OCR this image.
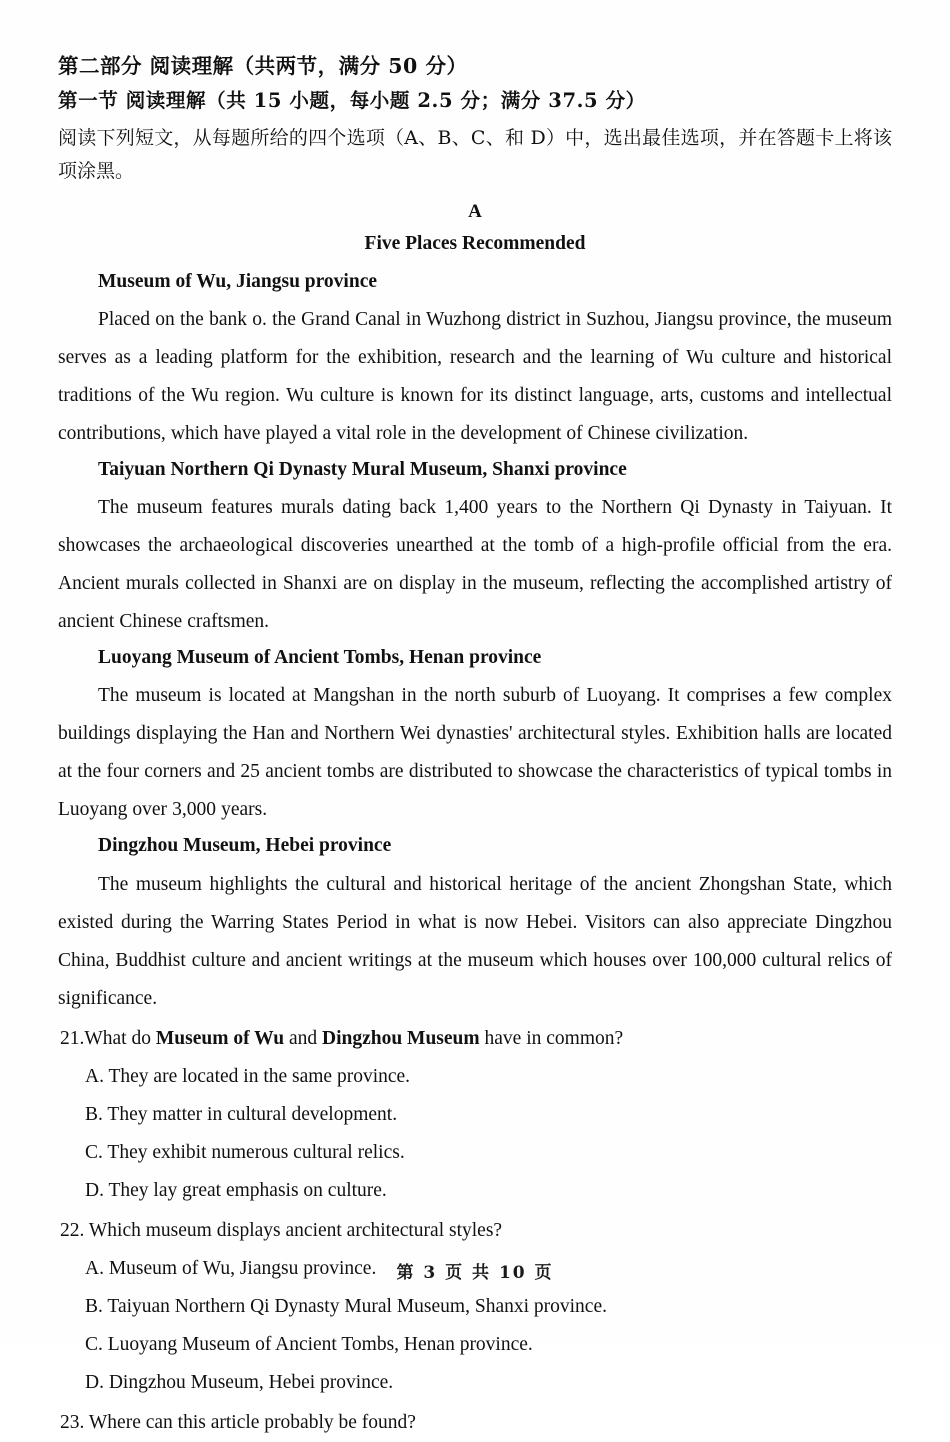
第二部分 阅读理解（共两节，满分 50 分）
第一节 阅读理解（共 15 小题，每小题 2.5 分；满分 37.5 分）
阅读下列短文，从每题所给的四个选项（A、B、C、和 D）中，选出最佳选项，并在答题卡上将该项涂黑。
A
Five Places Recommended
Museum of Wu, Jiangsu province
Placed on the bank o. the Grand Canal in Wuzhong district in Suzhou, Jiangsu province, the museum serves as a leading platform for the exhibition, research and the learning of Wu culture and historical traditions of the Wu region. Wu culture is known for its distinct language, arts, customs and intellectual contributions, which have played a vital role in the development of Chinese civilization.
Taiyuan Northern Qi Dynasty Mural Museum, Shanxi province
The museum features murals dating back 1,400 years to the Northern Qi Dynasty in Taiyuan. It showcases the archaeological discoveries unearthed at the tomb of a high-profile official from the era. Ancient murals collected in Shanxi are on display in the museum, reflecting the accomplished artistry of ancient Chinese craftsmen.
Luoyang Museum of Ancient Tombs, Henan province
The museum is located at Mangshan in the north suburb of Luoyang. It comprises a few complex buildings displaying the Han and Northern Wei dynasties' architectural styles. Exhibition halls are located at the four corners and 25 ancient tombs are distributed to showcase the characteristics of typical tombs in Luoyang over 3,000 years.
Dingzhou Museum, Hebei province
The museum highlights the cultural and historical heritage of the ancient Zhongshan State, which existed during the Warring States Period in what is now Hebei. Visitors can also appreciate Dingzhou China, Buddhist culture and ancient writings at the museum which houses over 100,000 cultural relics of significance.

21.What do Museum of Wu and Dingzhou Museum have in common?

A. They are located in the same province.

B. They matter in cultural development.

C. They exhibit numerous cultural relics.

D. They lay great emphasis on culture.

22. Which museum displays ancient architectural styles?

A. Museum of Wu, Jiangsu province.

B. Taiyuan Northern Qi Dynasty Mural Museum, Shanxi province.

C. Luoyang Museum of Ancient Tombs, Henan province.

D. Dingzhou Museum, Hebei province.

23. Where can this article probably be found?

第 3 页 共 10 页
